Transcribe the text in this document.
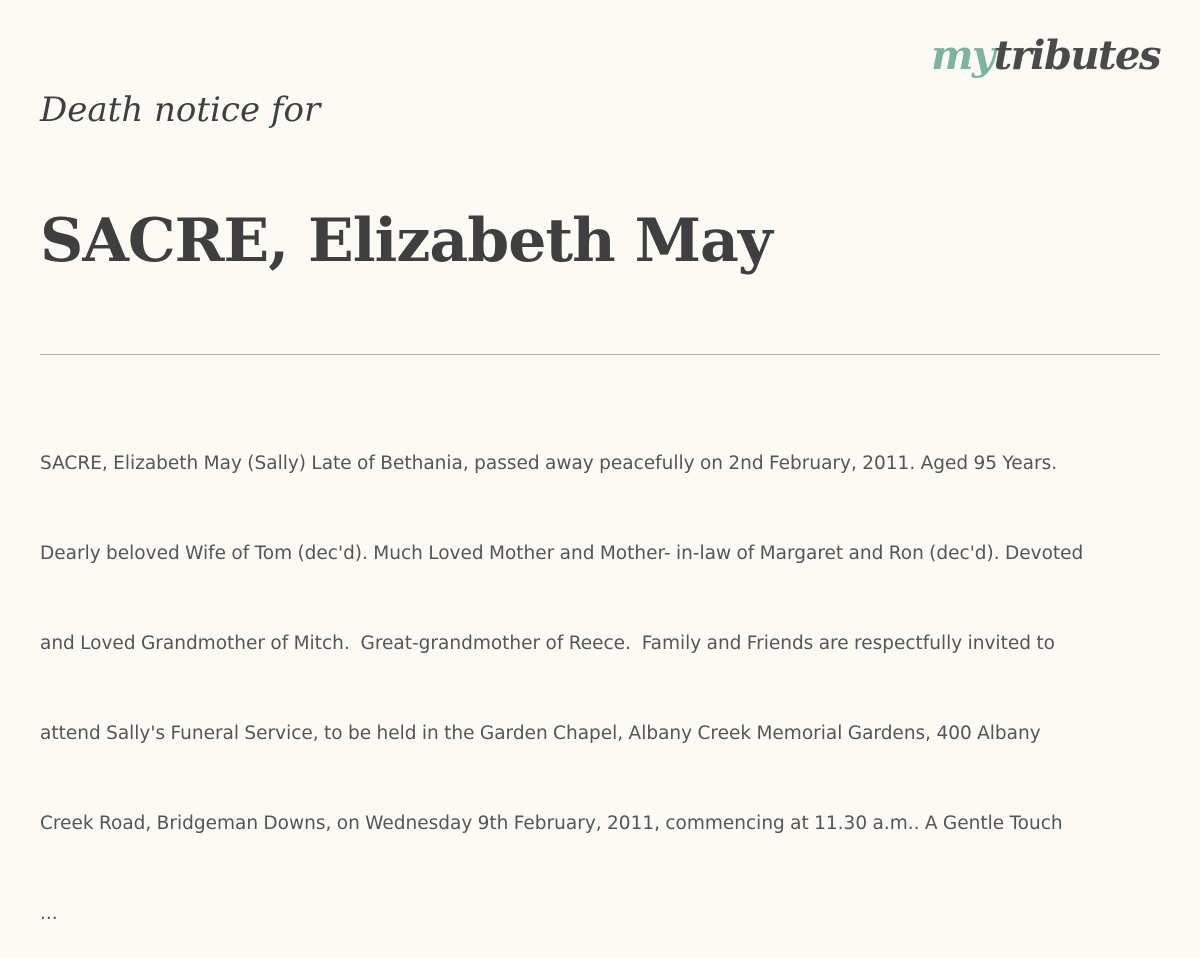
mytributes
Death notice for
SACRE, Elizabeth May

SACRE, Elizabeth May (Sally) Late of Bethania, passed away peacefully on 2nd February, 2011. Aged 95 Years.

Dearly beloved Wife of Tom (dec'd). Much Loved Mother and Mother- in-law of Margaret and Ron (dec'd). Devoted

and Loved Grandmother of Mitch.  Great-grandmother of Reece.  Family and Friends are respectfully invited to

attend Sally's Funeral Service, to be held in the Garden Chapel, Albany Creek Memorial Gardens, 400 Albany

Creek Road, Bridgeman Downs, on Wednesday 9th February, 2011, commencing at 11.30 a.m.. A Gentle Touch

...
